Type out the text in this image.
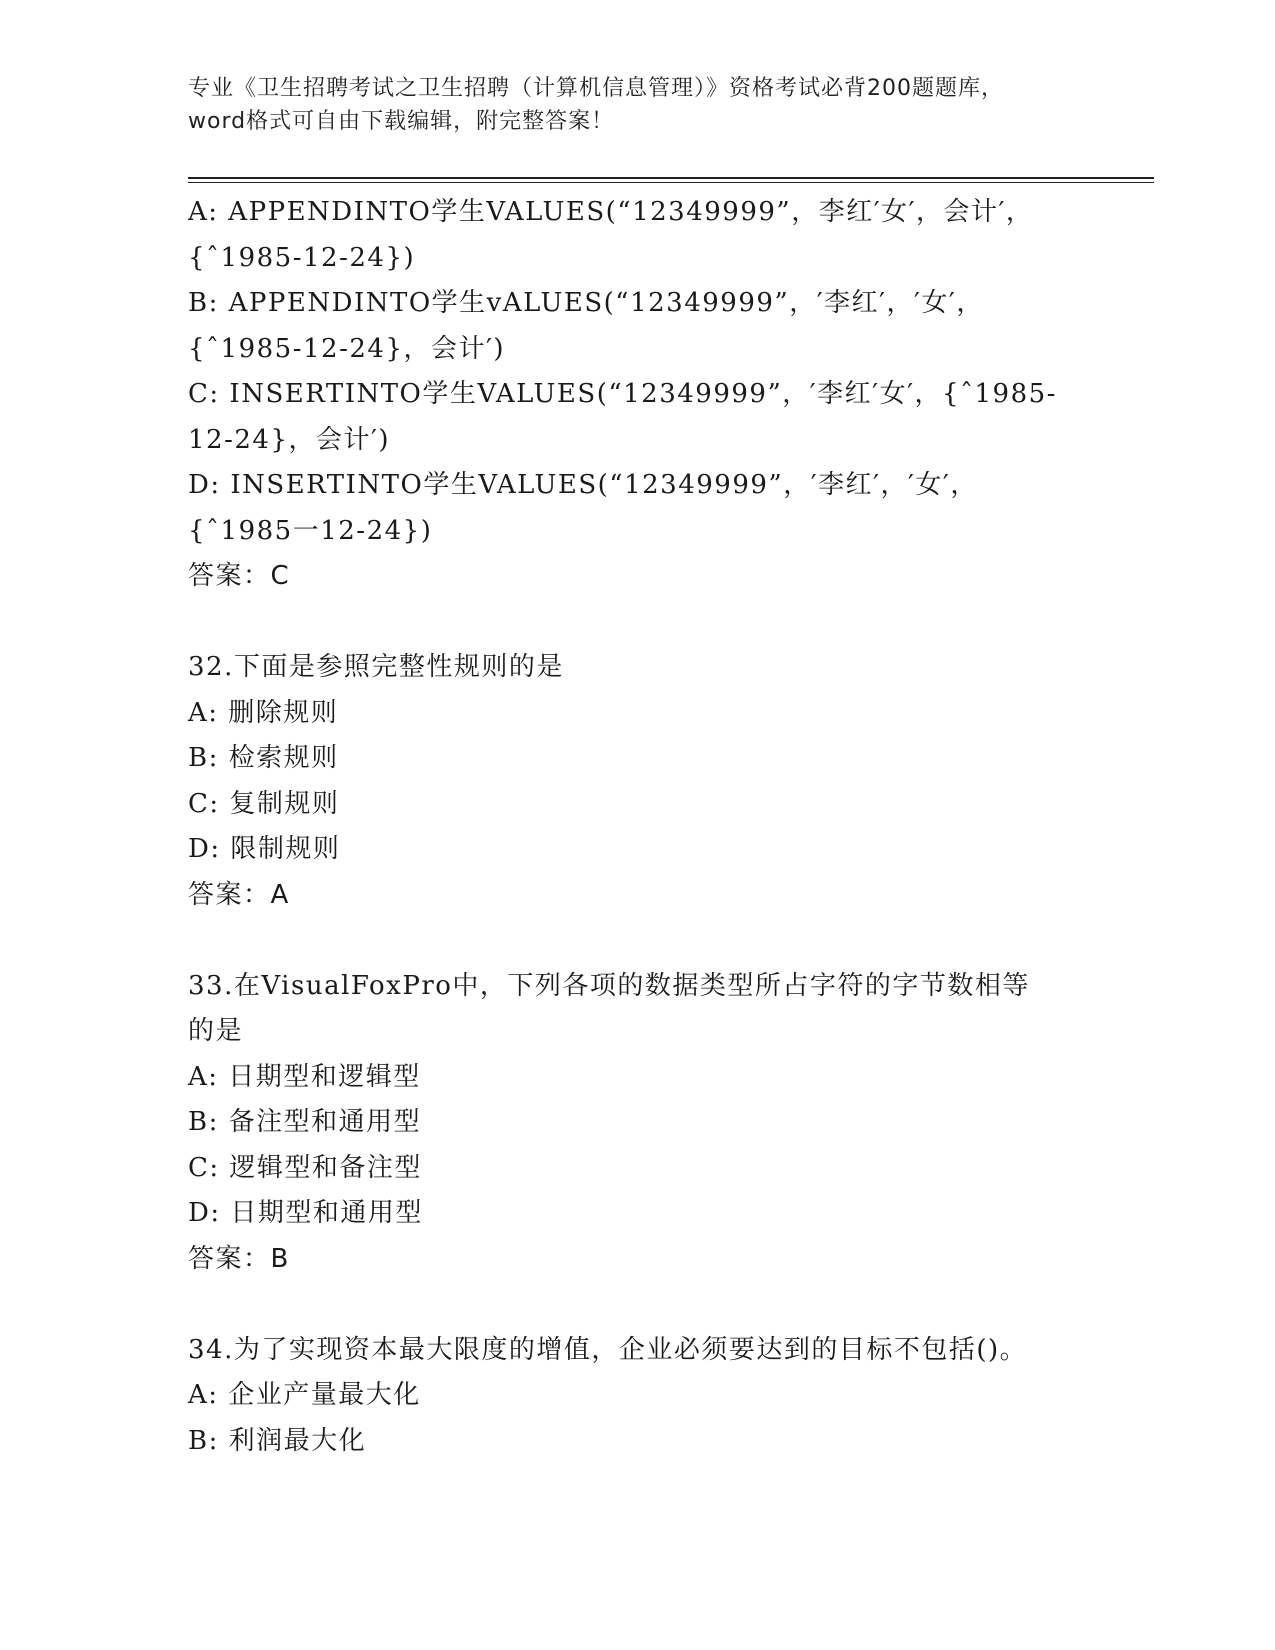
专业《卫生招聘考试之卫生招聘（计算机信息管理）》资格考试必背200题题库，
word格式可自由下载编辑，附完整答案！
A: APPENDINTO学生VALUES(“12349999”，李红′女′，会计′，
{ˆ1985-12-24})
B: APPENDINTO学生vALUES(“12349999”，′李红′，′女′，
{ˆ1985-12-24}，会计′)
C: INSERTINTO学生VALUES(“12349999”，′李红′女′，{ˆ1985-
12-24}，会计′)
D: INSERTINTO学生VALUES(“12349999”，′李红′，′女′，
{ˆ1985一12-24})
答案：C
32.下面是参照完整性规则的是
A: 删除规则
B: 检索规则
C: 复制规则
D: 限制规则
答案：A
33.在VisualFoxPro中，下列各项的数据类型所占字符的字节数相等
的是
A: 日期型和逻辑型
B: 备注型和通用型
C: 逻辑型和备注型
D: 日期型和通用型
答案：B
34.为了实现资本最大限度的增值，企业必须要达到的目标不包括()。
A: 企业产量最大化
B: 利润最大化
